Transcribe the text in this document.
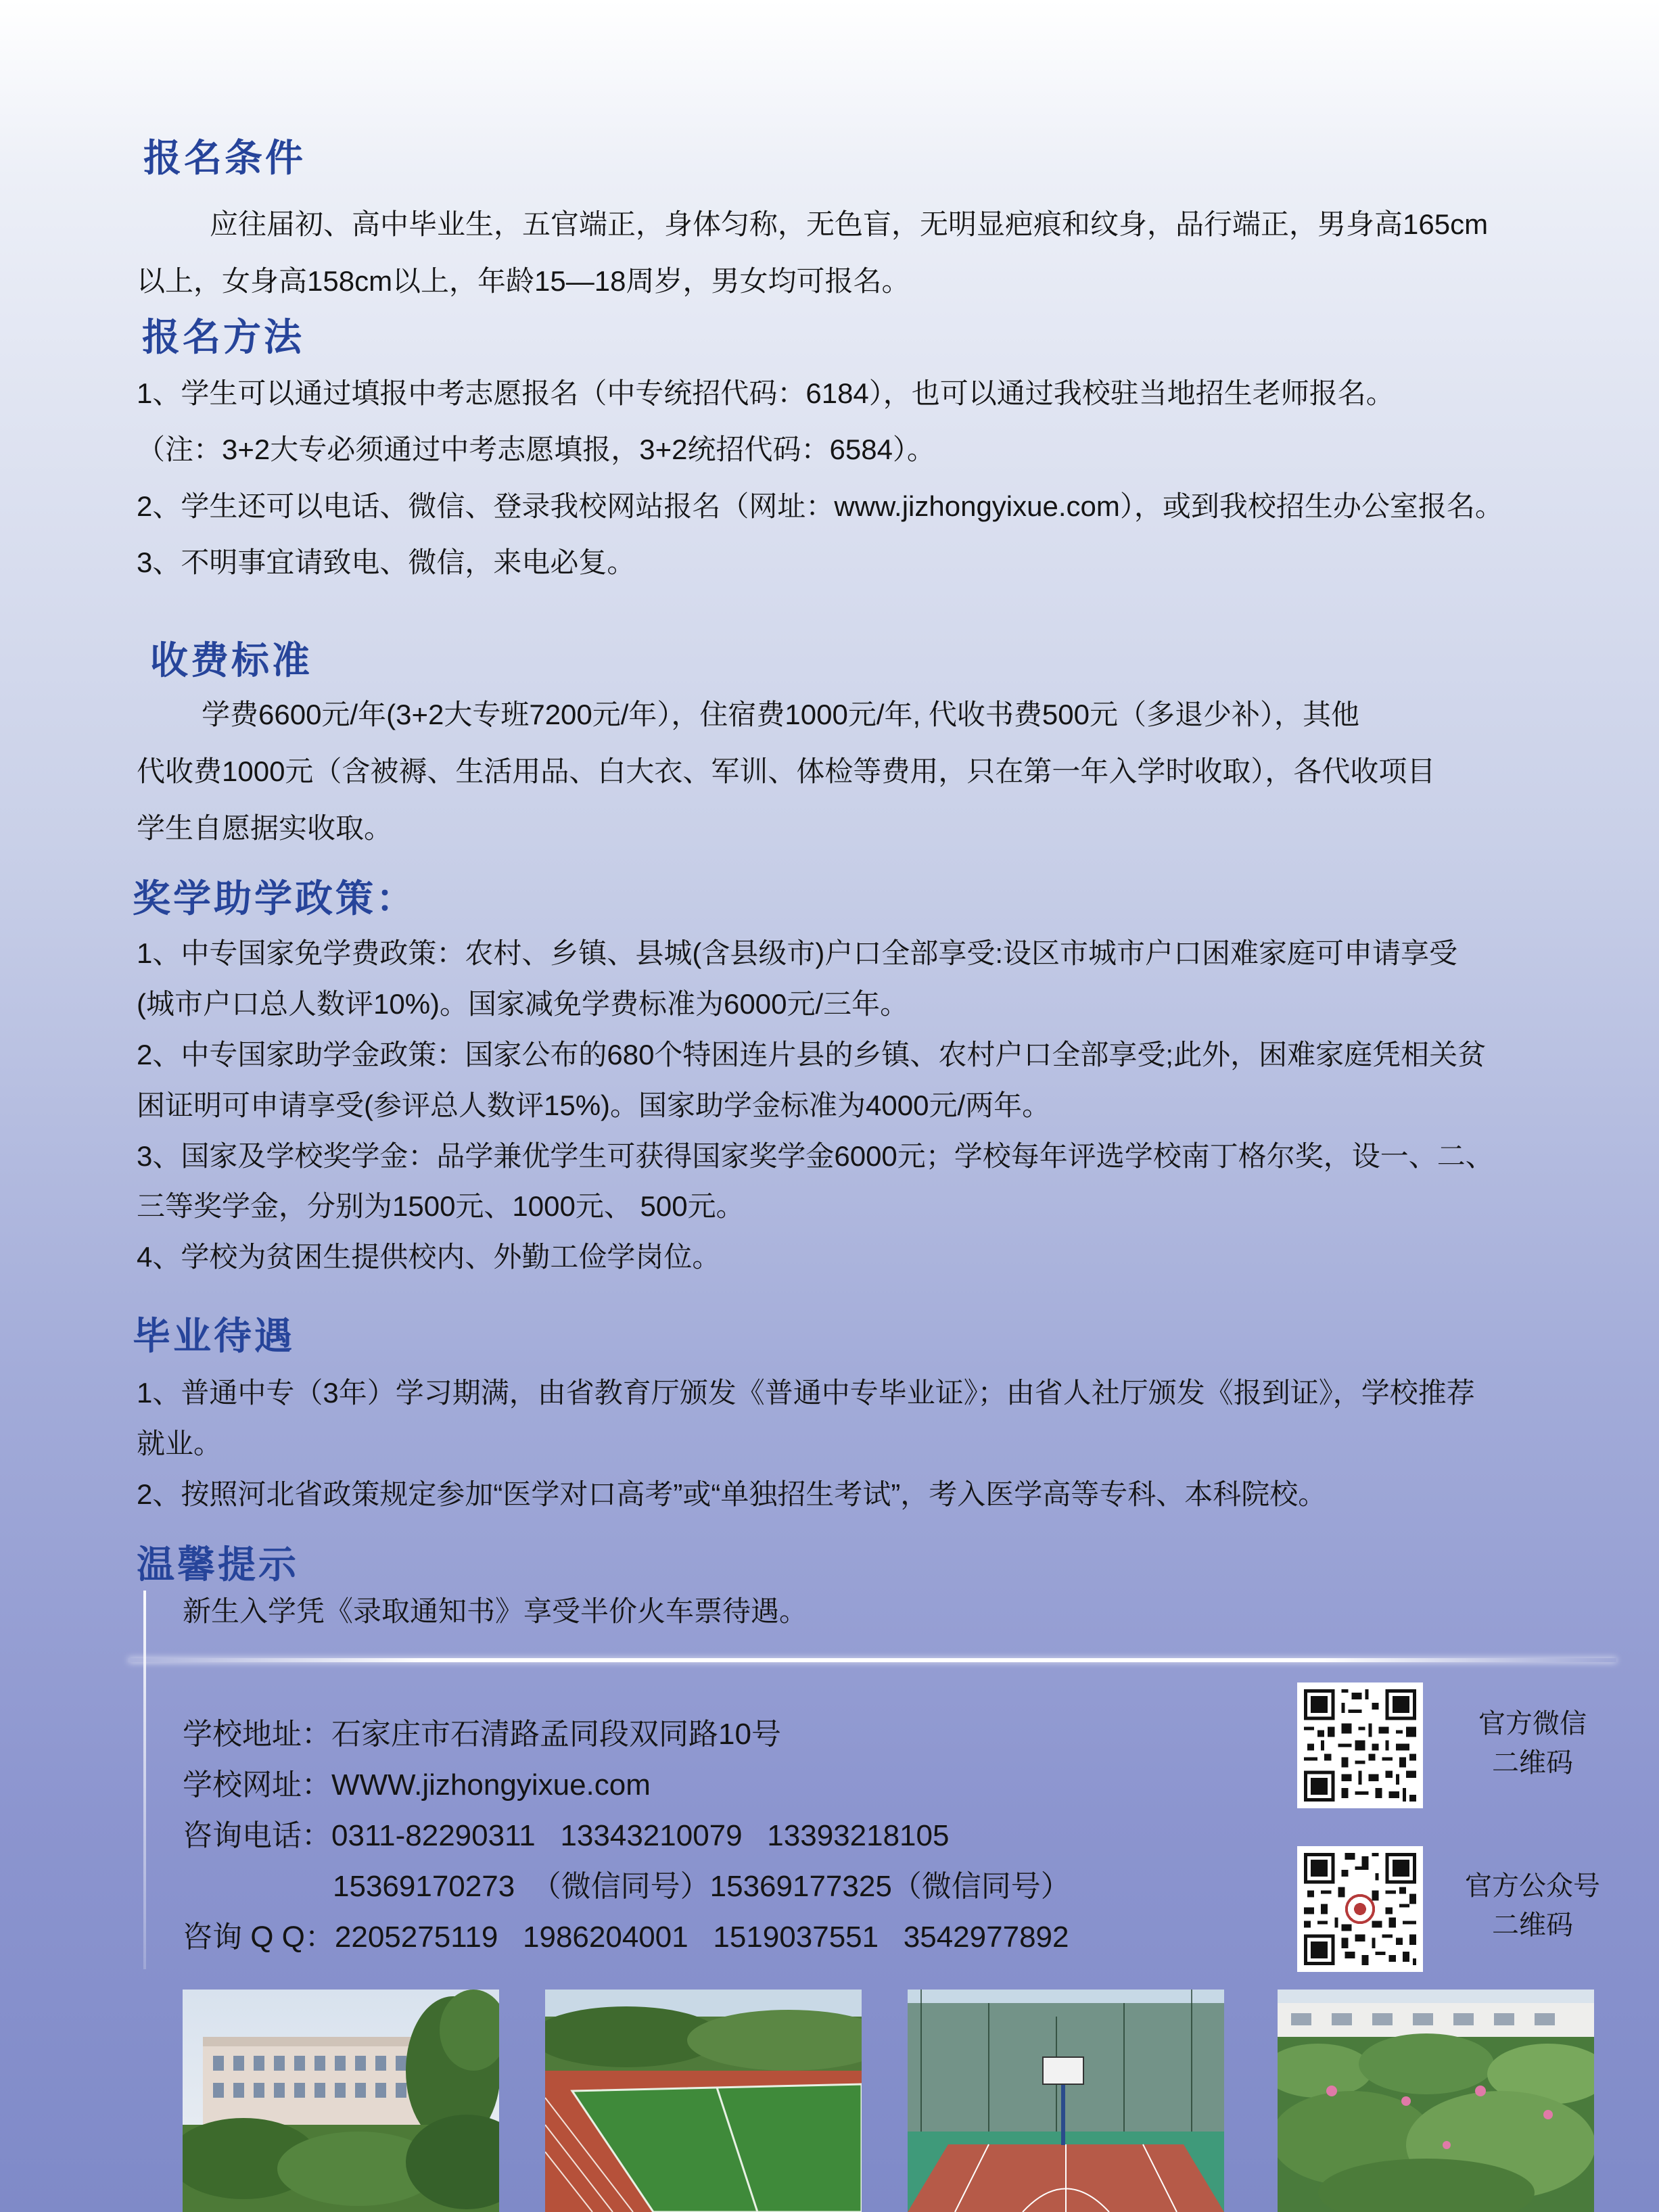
报名条件
应往届初、高中毕业生，五官端正，身体匀称，无色盲，无明显疤痕和纹身，品行端正，男身高165cm
以上，女身高158cm以上，年龄15—18周岁，男女均可报名。
报名方法
1、学生可以通过填报中考志愿报名（中专统招代码：6184），也可以通过我校驻当地招生老师报名。
（注：3+2大专必须通过中考志愿填报，3+2统招代码：6584）。
2、学生还可以电话、微信、登录我校网站报名（网址：www.jizhongyixue.com），或到我校招生办公室报名。
3、不明事宜请致电、微信，来电必复。
收费标准
学费6600元/年(3+2大专班7200元/年），住宿费1000元/年, 代收书费500元（多退少补），其他
代收费1000元（含被褥、生活用品、白大衣、军训、体检等费用，只在第一年入学时收取），各代收项目
学生自愿据实收取。
奖学助学政策：
1、中专国家免学费政策：农村、乡镇、县城(含县级市)户口全部享受:设区市城市户口困难家庭可申请享受
(城市户口总人数评10%)。国家减免学费标准为6000元/三年。
2、中专国家助学金政策：国家公布的680个特困连片县的乡镇、农村户口全部享受;此外，困难家庭凭相关贫
困证明可申请享受(参评总人数评15%)。国家助学金标准为4000元/两年。
3、国家及学校奖学金：品学兼优学生可获得国家奖学金6000元；学校每年评选学校南丁格尔奖，设一、二、
三等奖学金，分别为1500元、1000元、 500元。
4、学校为贫困生提供校内、外勤工俭学岗位。
毕业待遇
1、普通中专（3年）学习期满，由省教育厅颁发《普通中专毕业证》；由省人社厅颁发《报到证》，学校推荐
就业。
2、按照河北省政策规定参加“医学对口高考”或“单独招生考试”，考入医学高等专科、本科院校。
温馨提示
新生入学凭《录取通知书》享受半价火车票待遇。
学校地址：石家庄市石清路孟同段双同路10号
学校网址：WWW.jizhongyixue.com
咨询电话：0311-82290311   13343210079   13393218105
15369170273  （微信同号）15369177325（微信同号）
咨询 Q Q：2205275119   1986204001   1519037551   3542977892
官方微信
二维码
官方公众号
二维码
